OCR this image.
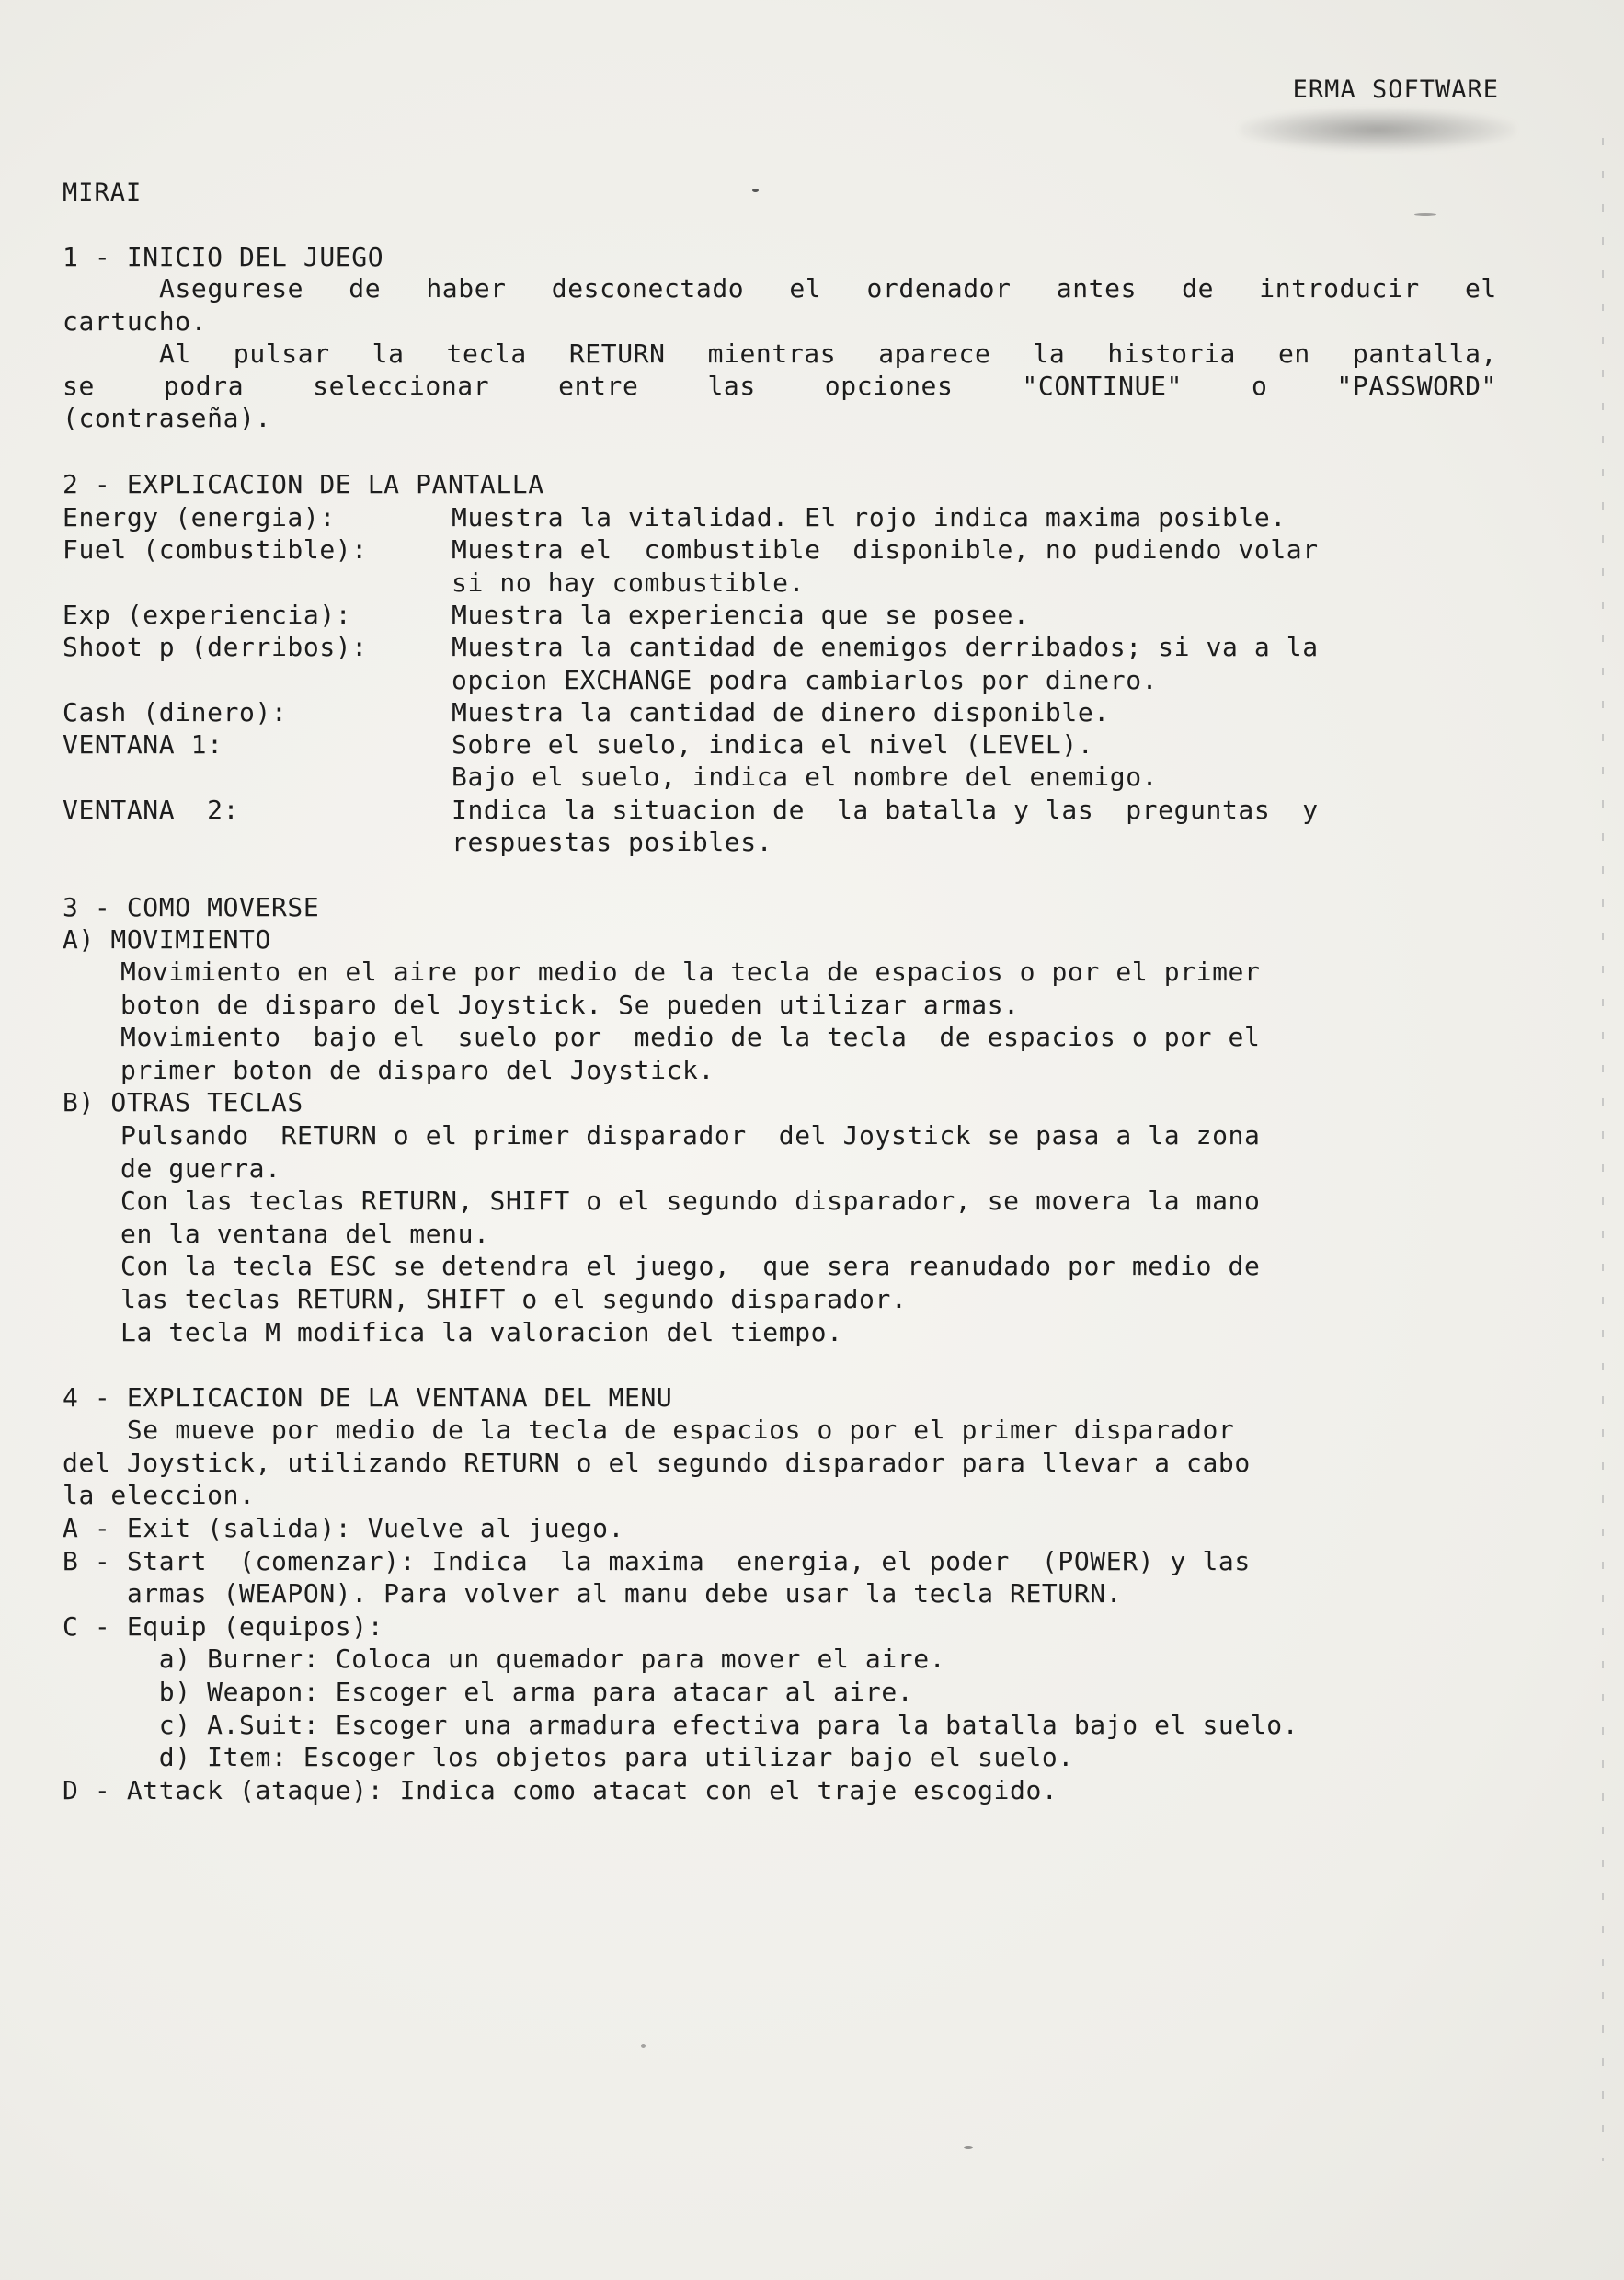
ERMA SOFTWARE
MIRAI
1 - INICIO DEL JUEGO
Asegurese de haber desconectado el ordenador antes de introducir el
cartucho.
Al pulsar la tecla RETURN mientras aparece la historia en pantalla,
se	podra	seleccionar	entre	las	opciones	"CONTINUE"	o	"PASSWORD"
(contraseña).
2 - EXPLICACION DE LA PANTALLA
Energy (energia):	Muestra la vitalidad. El rojo indica maxima posible.
Fuel (combustible):	Muestra el  combustible  disponible, no pudiendo volar
si no hay combustible.
Exp (experiencia):	Muestra la experiencia que se posee.
Shoot p (derribos):	Muestra la cantidad de enemigos derribados; si va a la
opcion EXCHANGE podra cambiarlos por dinero.
Cash (dinero):	Muestra la cantidad de dinero disponible.
VENTANA 1:	Sobre el suelo, indica el nivel (LEVEL).
Bajo el suelo, indica el nombre del enemigo.
VENTANA  2:	Indica la situacion de  la batalla y las  preguntas  y
respuestas posibles.
3 - COMO MOVERSE
A) MOVIMIENTO
Movimiento en el aire por medio de la tecla de espacios o por el primer
boton de disparo del Joystick. Se pueden utilizar armas.
Movimiento  bajo el  suelo por  medio de la tecla  de espacios o por el
primer boton de disparo del Joystick.
B) OTRAS TECLAS
Pulsando  RETURN o el primer disparador  del Joystick se pasa a la zona
de guerra.
Con las teclas RETURN, SHIFT o el segundo disparador, se movera la mano
en la ventana del menu.
Con la tecla ESC se detendra el juego,  que sera reanudado por medio de
las teclas RETURN, SHIFT o el segundo disparador.
La tecla M modifica la valoracion del tiempo.
4 - EXPLICACION DE LA VENTANA DEL MENU
Se mueve por medio de la tecla de espacios o por el primer disparador
del Joystick, utilizando RETURN o el segundo disparador para llevar a cabo
la eleccion.
A - Exit (salida): Vuelve al juego.
B - Start  (comenzar): Indica  la maxima  energia, el poder  (POWER) y las
armas (WEAPON). Para volver al manu debe usar la tecla RETURN.
C - Equip (equipos):
a) Burner: Coloca un quemador para mover el aire.
b) Weapon: Escoger el arma para atacar al aire.
c) A.Suit: Escoger una armadura efectiva para la batalla bajo el suelo.
d) Item: Escoger los objetos para utilizar bajo el suelo.
D - Attack (ataque): Indica como atacat con el traje escogido.
